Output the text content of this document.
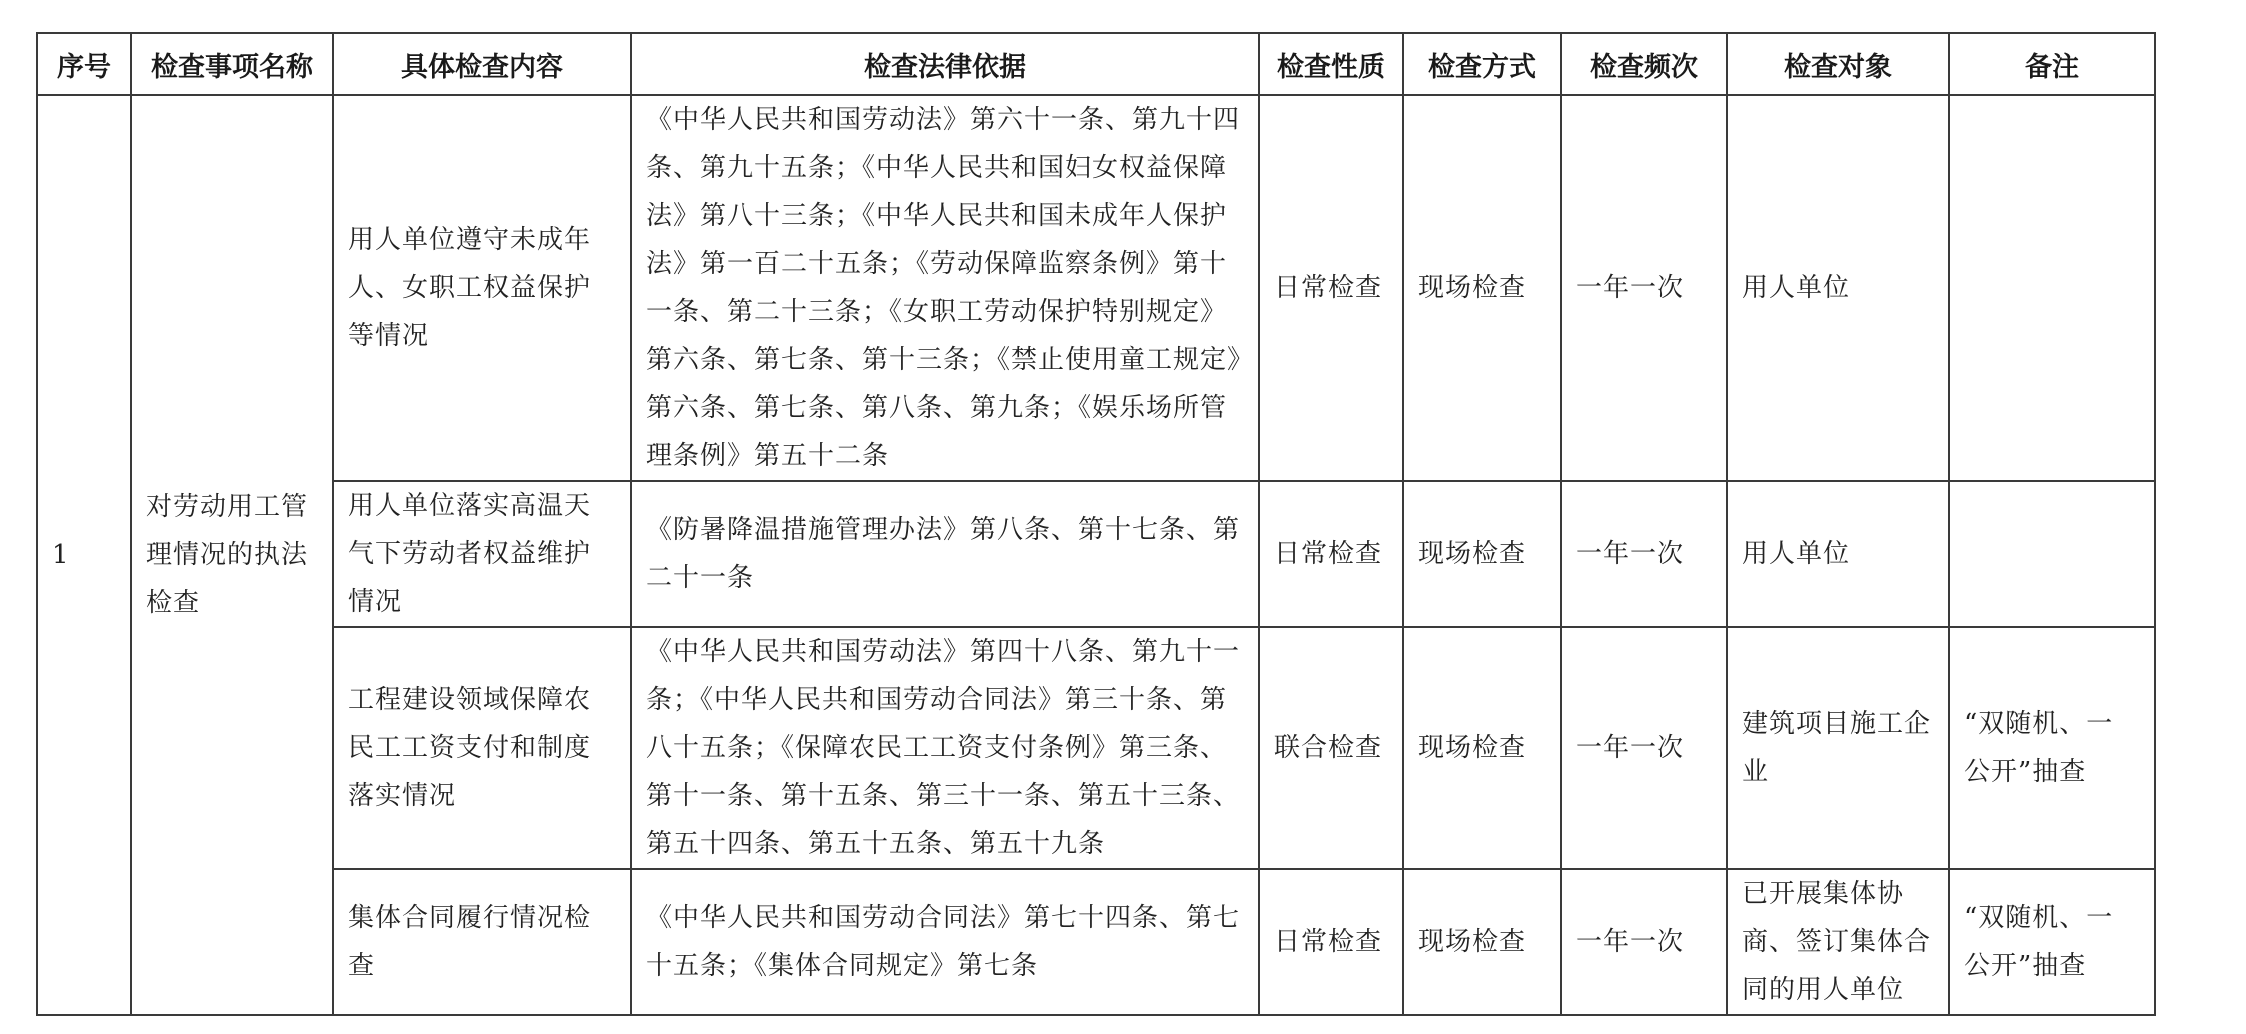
序号	检查事项名称	具体检查内容	检查法律依据	检查性质	检查方式	检查频次	检查对象	备注
1	对劳动用工管理情况的执法检查	用人单位遵守未成年人、女职工权益保护等情况	《中华人民共和国劳动法》第六十一条、第九十四条、第九十五条；《中华人民共和国妇女权益保障法》第八十三条；《中华人民共和国未成年人保护法》第一百二十五条；《劳动保障监察条例》第十一条、第二十三条；《女职工劳动保护特别规定》第六条、第七条、第十三条；《禁止使用童工规定》第六条、第七条、第八条、第九条；《娱乐场所管理条例》第五十二条	日常检查	现场检查	一年一次	用人单位	
		用人单位落实高温天气下劳动者权益维护情况	《防暑降温措施管理办法》第八条、第十七条、第二十一条	日常检查	现场检查	一年一次	用人单位	
		工程建设领域保障农民工工资支付和制度落实情况	《中华人民共和国劳动法》第四十八条、第九十一条；《中华人民共和国劳动合同法》第三十条、第八十五条；《保障农民工工资支付条例》第三条、第十一条、第十五条、第三十一条、第五十三条、第五十四条、第五十五条、第五十九条	联合检查	现场检查	一年一次	建筑项目施工企业	“双随机、一公开”抽查
		集体合同履行情况检查	《中华人民共和国劳动合同法》第七十四条、第七十五条；《集体合同规定》第七条	日常检查	现场检查	一年一次	已开展集体协商、签订集体合同的用人单位	“双随机、一公开”抽查
